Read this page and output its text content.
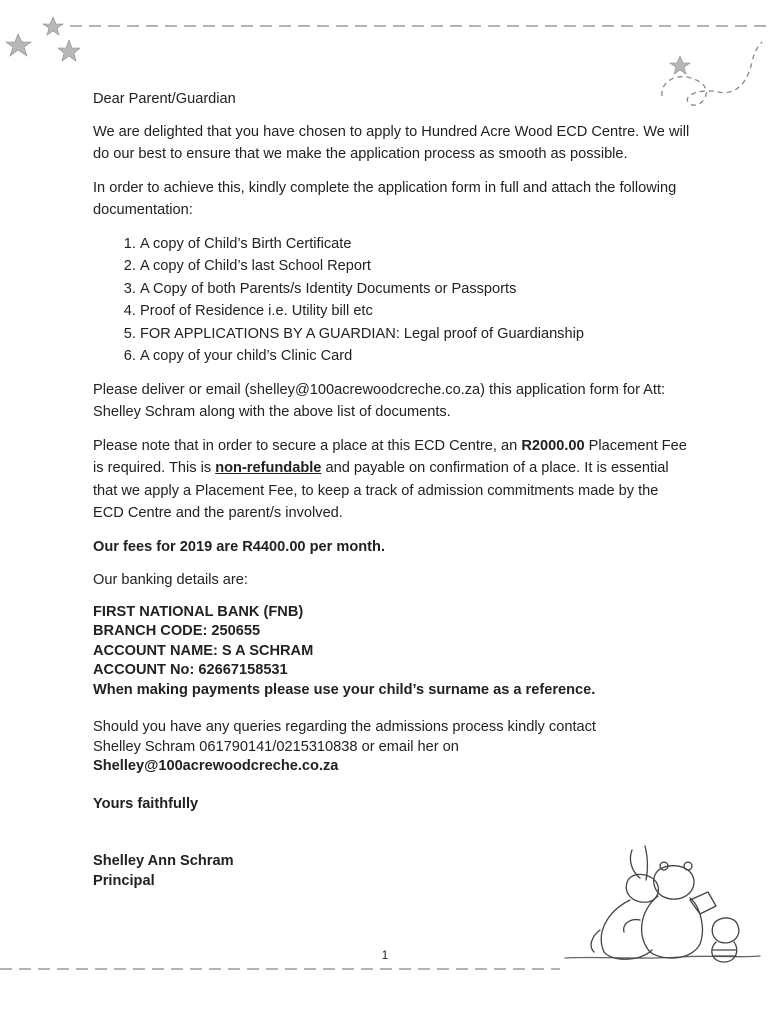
Dear Parent/Guardian

We are delighted that you have chosen to apply to Hundred Acre Wood ECD Centre. We will do our best to ensure that we make the application process as smooth as possible.

In order to achieve this, kindly complete the application form in full and attach the following documentation:

1. A copy of Child’s Birth Certificate
2. A copy of Child’s last School Report
3. A Copy of both Parents/s Identity Documents or Passports
4. Proof of Residence i.e. Utility bill etc
5. FOR APPLICATIONS BY A GUARDIAN: Legal proof of Guardianship
6. A copy of your child’s Clinic Card

Please deliver or email (shelley@100acrewoodcreche.co.za) this application form for Att: Shelley Schram along with the above list of documents.

Please note that in order to secure a place at this ECD Centre, an R2000.00 Placement Fee is required. This is non-refundable and payable on confirmation of a place. It is essential that we apply a Placement Fee, to keep a track of admission commitments made by the ECD Centre and the parent/s involved.

Our fees for 2019 are R4400.00 per month.

Our banking details are:

FIRST NATIONAL BANK (FNB)
BRANCH CODE: 250655
ACCOUNT NAME: S A SCHRAM
ACCOUNT No: 62667158531
When making payments please use your child’s surname as a reference.
Should you have any queries regarding the admissions process kindly contact
Shelley Schram 061790141/0215310838 or email her on
Shelley@100acrewoodcreche.co.za
Yours faithfully
Shelley Ann Schram
Principal
1
